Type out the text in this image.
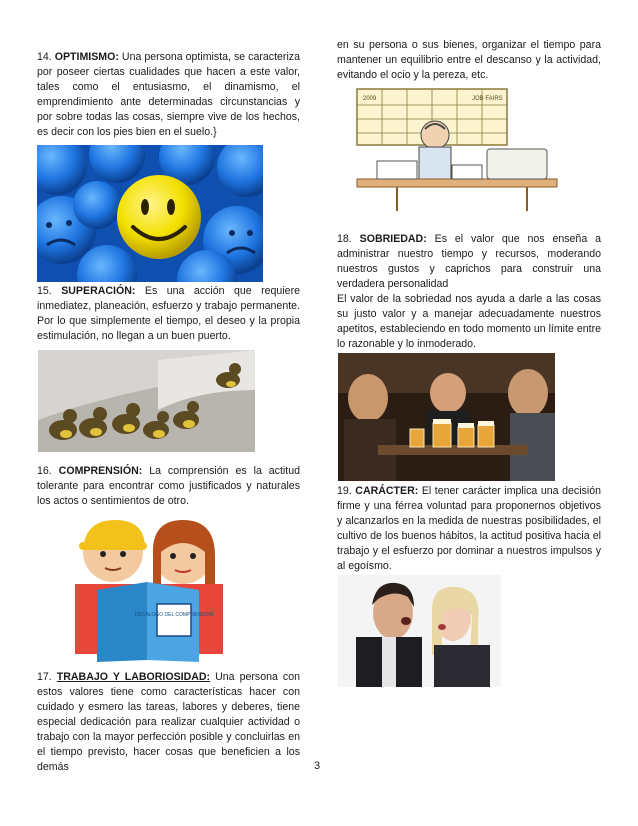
14. OPTIMISMO: Una persona optimista, se caracteriza por poseer ciertas cualidades que hacen a este valor, tales como el entusiasmo, el dinamismo, el emprendimiento ante determinadas circunstancias y por sobre todas las cosas, siempre vive de los hechos, es decir con los pies bien en el suelo.}

15. SUPERACIÓN: Es una acción que requiere inmediatez, planeación, esfuerzo y trabajo permanente. Por lo que simplemente el tiempo, el deseo y la propia estimulación, no llegan a un buen puerto.

16. COMPRENSIÓN: La comprensión es la actitud tolerante para encontrar como justificados y naturales los actos o sentimientos de otro.

DECÁLOGO DEL COMPRENSIÓN

17. TRABAJO Y LABORIOSIDAD: Una persona con estos valores tiene como características hacer con cuidado y esmero las tareas, labores y deberes, tiene especial dedicación para realizar cualquier actividad o trabajo con la mayor perfección posible y concluirlas en el tiempo previsto, hacer cosas que beneficien a los demás

en su persona o sus bienes, organizar el tiempo para mantener un equilibrio entre el descanso y la actividad, evitando el ocio y la pereza, etc.

JOB FAIRS
2009

18. SOBRIEDAD: Es el valor que nos enseña a administrar nuestro tiempo y recursos, moderando nuestros gustos y caprichos para construir una verdadera personalidad

El valor de la sobriedad nos ayuda a darle a las cosas su justo valor y a manejar adecuadamente nuestros apetitos, estableciendo en todo momento un límite entre lo razonable y lo inmoderado.

19. CARÁCTER: El tener carácter implica una decisión firme y una férrea voluntad para proponernos objetivos y alcanzarlos en la medida de nuestras posibilidades, el cultivo de los buenos hábitos, la actitud positiva hacia el trabajo y el esfuerzo por dominar a nuestros impulsos y al egoísmo.

3
